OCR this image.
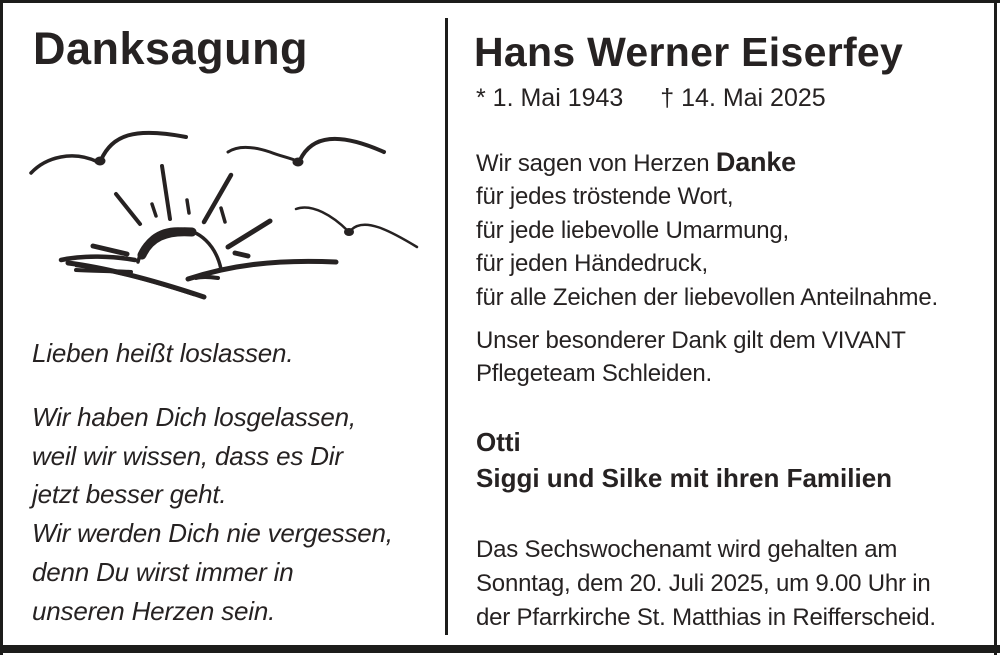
Danksagung
Lieben heißt loslassen.
Wir haben Dich losgelassen,
weil wir wissen, dass es Dir
jetzt besser geht.
Wir werden Dich nie vergessen,
denn Du wirst immer in
unseren Herzen sein.
Hans Werner Eiserfey
* 1. Mai 1943 † 14. Mai 2025
Wir sagen von Herzen Danke
für jedes tröstende Wort,
für jede liebevolle Umarmung,
für jeden Händedruck,
für alle Zeichen der liebevollen Anteilnahme.
Unser besonderer Dank gilt dem VIVANT
Pflegeteam Schleiden.
Otti
Siggi und Silke mit ihren Familien
Das Sechswochenamt wird gehalten am
Sonntag, dem 20. Juli 2025, um 9.00 Uhr in
der Pfarrkirche St. Matthias in Reifferscheid.
